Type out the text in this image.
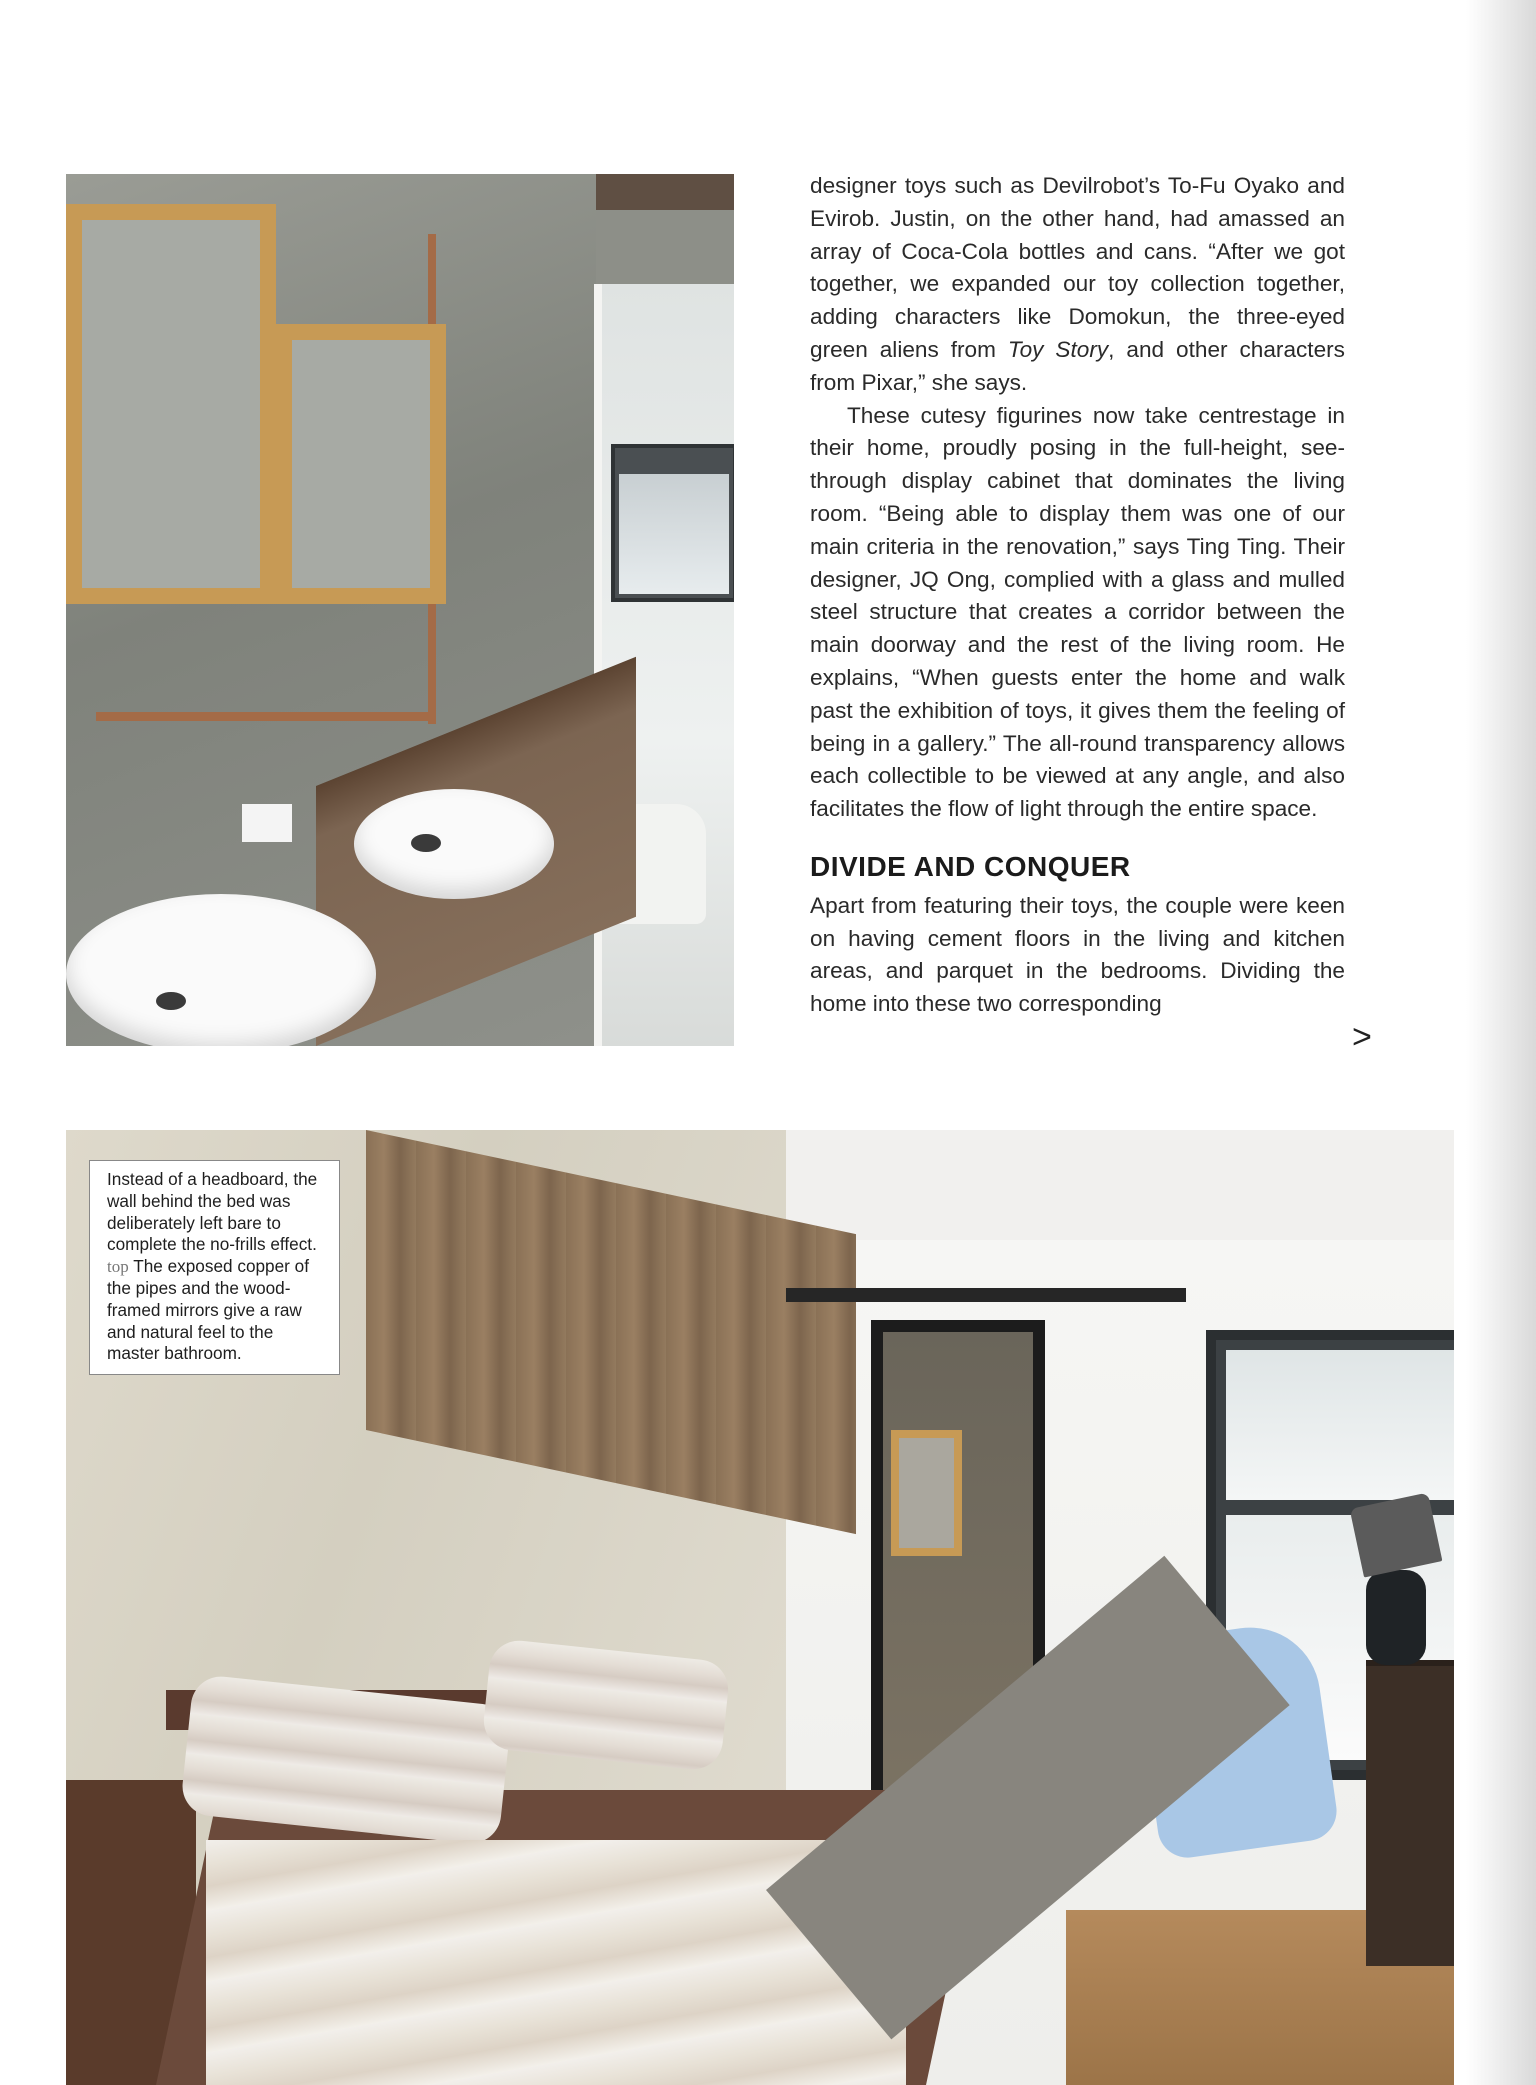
designer toys such as Devilrobot’s To-Fu Oyako and Evirob. Justin, on the other hand, had amassed an array of Coca-Cola bottles and cans. “After we got together, we expanded our toy collection together, adding characters like Domokun, the three-eyed green aliens from Toy Story, and other characters from Pixar,” she says.

These cutesy figurines now take centrestage in their home, proudly posing in the full-height, see-through display cabinet that dominates the living room. “Being able to display them was one of our main criteria in the renovation,” says Ting Ting. Their designer, JQ Ong, complied with a glass and mulled steel structure that creates a corridor between the main doorway and the rest of the living room. He explains, “When guests enter the home and walk past the exhibition of toys, it gives them the feeling of being in a gallery.” The all-round transparency allows each collectible to be viewed at any angle, and also facilitates the flow of light through the entire space.

DIVIDE AND CONQUER

Apart from featuring their toys, the couple were keen on having cement floors in the living and kitchen areas, and parquet in the bedrooms. Dividing the home into these two corresponding

>
Instead of a headboard, the wall behind the bed was deliberately left bare to complete the no-frills effect. top The exposed copper of the pipes and the wood-framed mirrors give a raw and natural feel to the master bathroom.
